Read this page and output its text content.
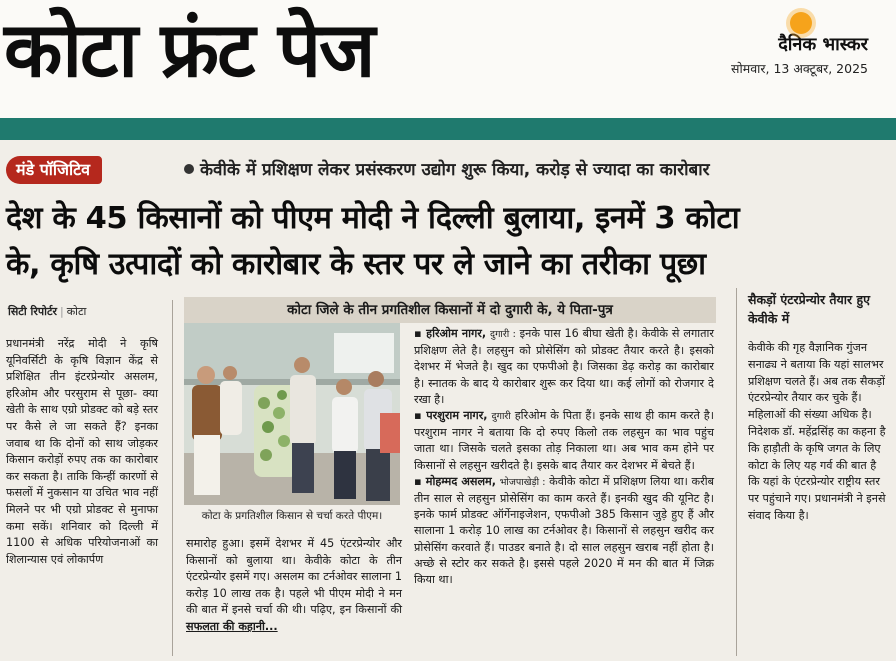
कोटा फ्रंट पेज	दैनिक भास्कर
सोमवार, 13 अक्टूबर, 2025
मंडे पॉजिटिव	केवीके में प्रशिक्षण लेकर प्रसंस्करण उद्योग शुरू किया, करोड़ से ज्यादा का कारोबार
देश के 45 किसानों को पीएम मोदी ने दिल्ली बुलाया, इनमें 3 कोटा
के, कृषि उत्पादों को कारोबार के स्तर पर ले जाने का तरीका पूछा
सिटी रिपोर्टर | कोटा

प्रधानमंत्री नरेंद्र मोदी ने कृषि यूनिवर्सिटी के कृषि विज्ञान केंद्र से प्रशिक्षित तीन इंटरप्रेन्योर असलम, हरिओम और परसुराम से पूछा- क्या खेती के साथ एग्रो प्रोडक्ट को बड़े स्तर पर कैसे ले जा सकते हैं? इनका जवाब था कि दोनों को साथ जोड़कर किसान करोड़ों रुपए तक का कारोबार कर सकता है। ताकि किन्हीं कारणों से फसलों में नुकसान या उचित भाव नहीं मिलने पर भी एग्रो प्रोडक्ट से मुनाफा कमा सकें। शनिवार को दिल्ली में 1100 से अधिक परियोजनाओं का शिलान्यास एवं लोकार्पण

कोटा जिले के तीन प्रगतिशील किसानों में दो दुगारी के, ये पिता-पुत्र
कोटा के प्रगतिशील किसान से चर्चा करते पीएम।

समारोह हुआ। इसमें देशभर में 45 एंटरप्रेन्योर और किसानों को बुलाया था। केवीके कोटा के तीन एंटरप्रेन्योर इसमें गए। असलम का टर्नओवर सालाना 1 करोड़ 10 लाख तक है। पहले भी पीएम मोदी ने मन की बात में इनसे चर्चा की थी। पढ़िए, इन किसानों की सफलता की कहानी...

▪ हरिओम नागर, दुगारी : इनके पास 16 बीघा खेती है। केवीके से लगातार प्रशिक्षण लेते है। लहसुन को प्रोसेसिंग को प्रोडक्ट तैयार करते है। इसको देशभर में भेजते है। खुद का एफपीओ है। जिसका डेढ़ करोड़ का कारोबार है। स्नातक के बाद ये कारोबार शुरू कर दिया था। कई लोगों को रोजगार दे रखा है।

▪ परशुराम नागर, दुगारी हरिओम के पिता हैं। इनके साथ ही काम करते है। परशुराम नागर ने बताया कि दो रुपए किलो तक लहसुन का भाव पहुंच जाता था। जिसके चलते इसका तोड़ निकाला था। अब भाव कम होने पर किसानों से लहसुन खरीदते है। इसके बाद तैयार कर देशभर में बेचते हैं।

▪ मोहम्मद असलम, भोजपाखेड़ी : केवीके कोटा में प्रशिक्षण लिया था। करीब तीन साल से लहसुन प्रोसेसिंग का काम करते हैं। इनकी खुद की यूनिट है। इनके फार्म प्रोडक्ट ऑर्गेनाइजेशन, एफपीओ 385 किसान जुड़े हुए हैं और सालाना 1 करोड़ 10 लाख का टर्नओवर है। किसानों से लहसुन खरीद कर प्रोसेसिंग करवाते हैं। पाउडर बनाते है। दो साल लहसुन खराब नहीं होता है। अच्छे से स्टोर कर सकते है। इससे पहले 2020 में मन की बात में जिक्र किया था।

सैकड़ों एंटरप्रेन्योर तैयार हुए केवीके में
केवीके की गृह वैज्ञानिक गुंजन सनाढ्य ने बताया कि यहां सालभर प्रशिक्षण चलते हैं। अब तक सैकड़ों एंटरप्रेन्योर तैयार कर चुके हैं। महिलाओं की संख्या अधिक है। निदेशक डॉ. महेंद्रसिंह का कहना है कि हाड़ौती के कृषि जगत के लिए कोटा के लिए यह गर्व की बात है कि यहां के एंटरप्रेन्योर राष्ट्रीय स्तर पर पहुंचाने गए। प्रधानमंत्री ने इनसे संवाद किया है।
